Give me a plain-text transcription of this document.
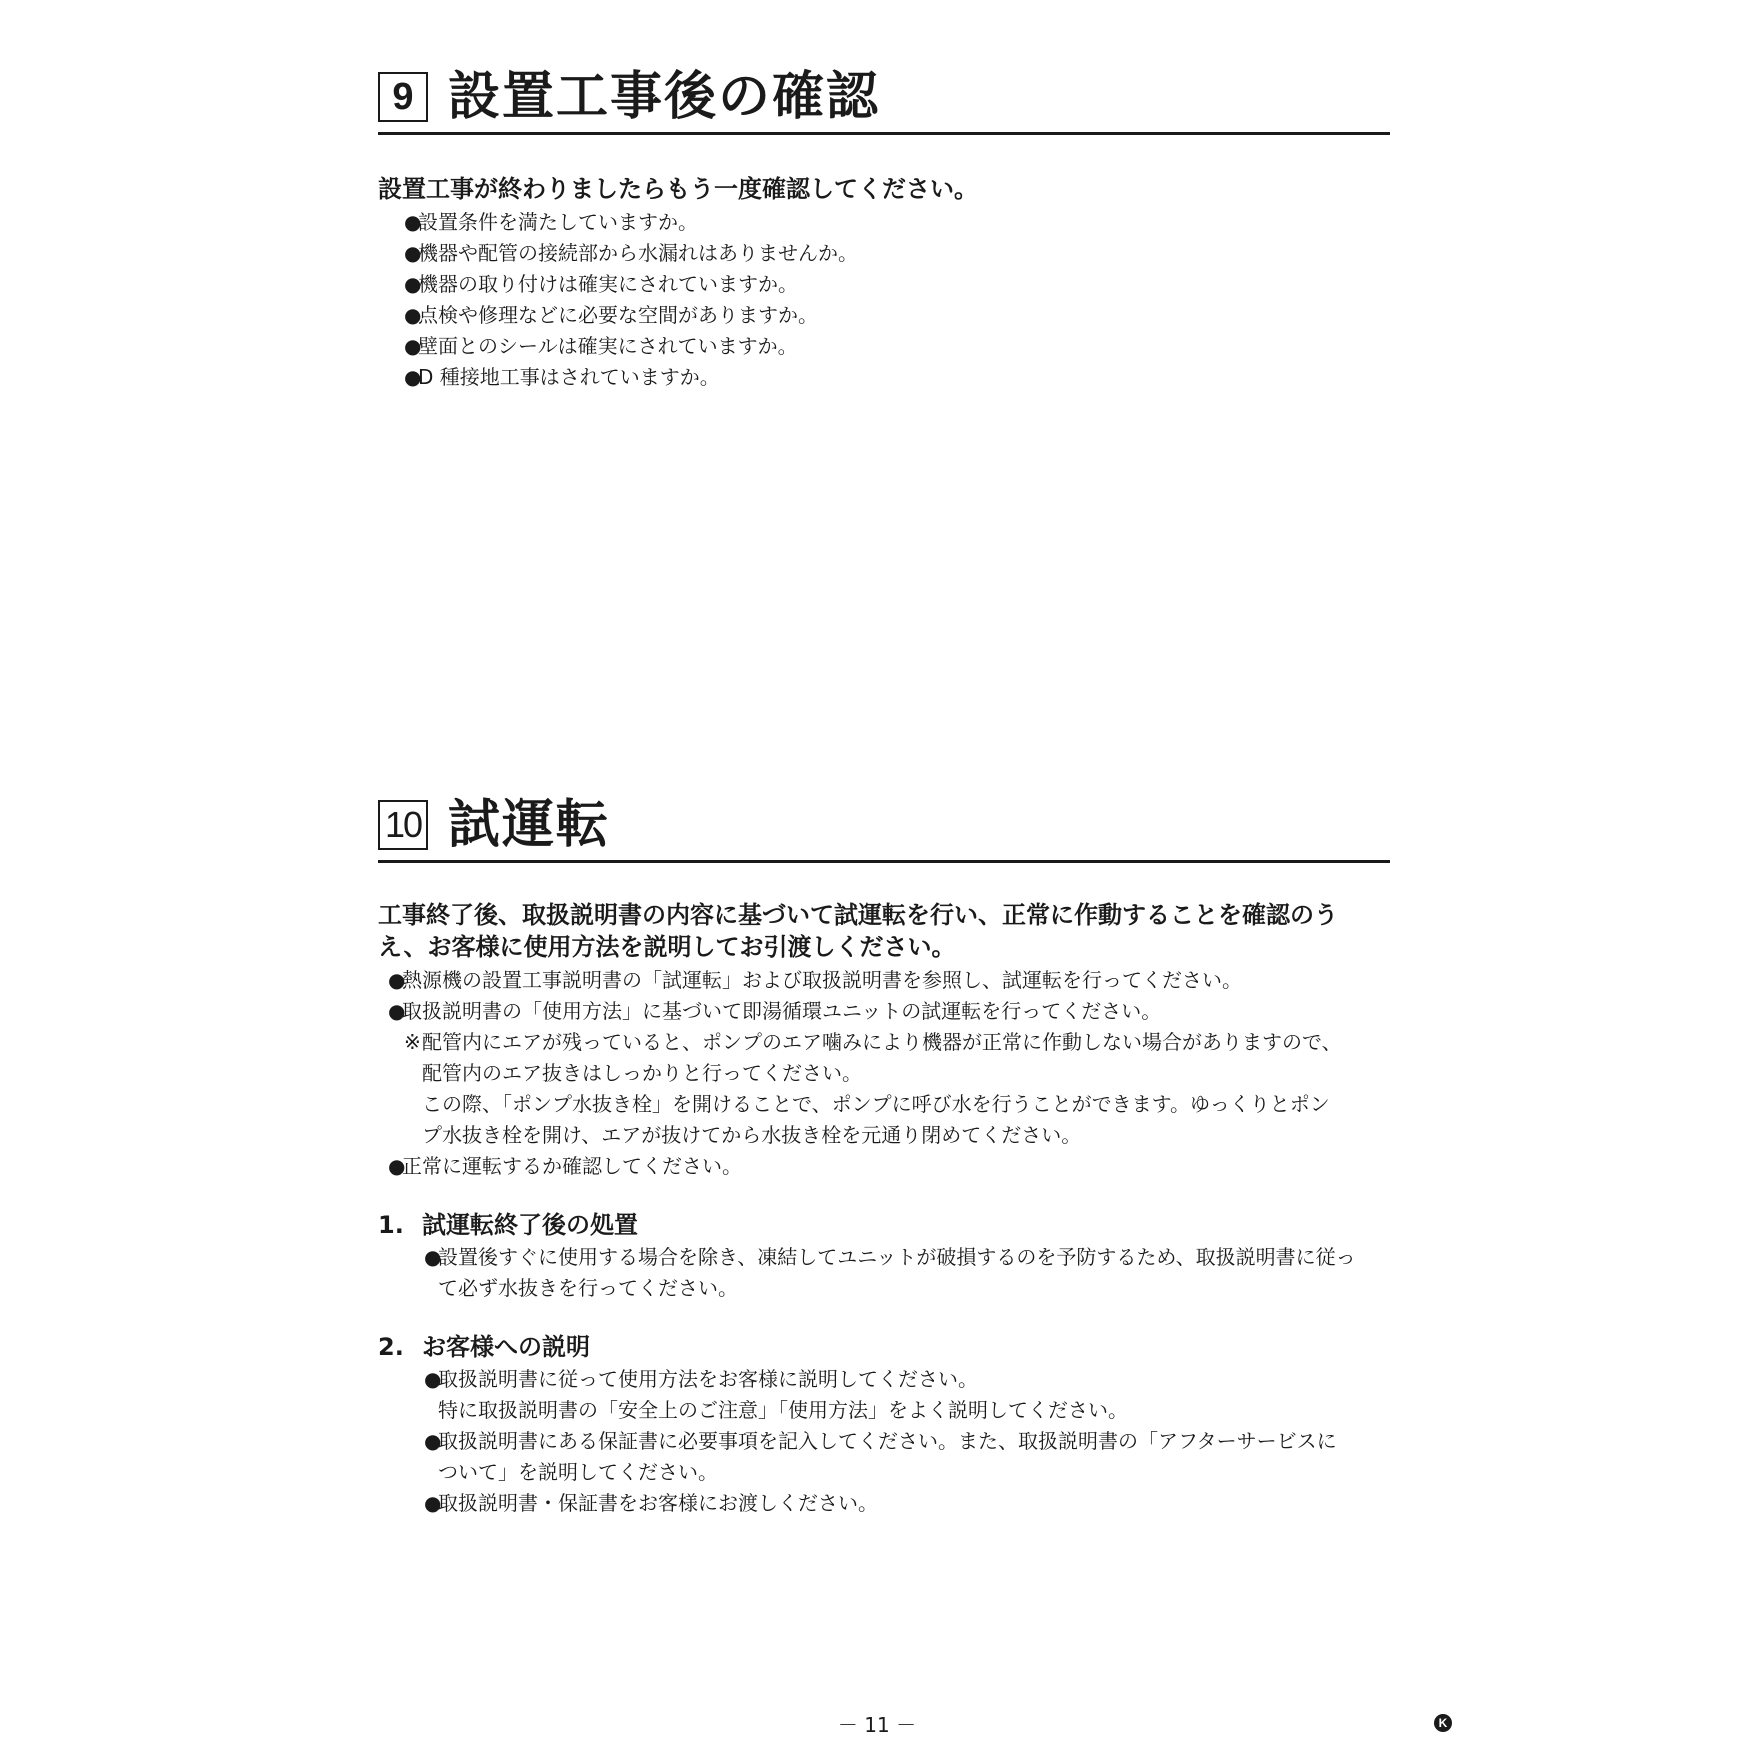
9 設置工事後の確認

設置工事が終わりましたらもう一度確認してください。

●
設置条件を満たしていますか。
●
機器や配管の接続部から水漏れはありませんか。
●
機器の取り付けは確実にされていますか。
●
点検や修理などに必要な空間がありますか。
●
壁面とのシールは確実にされていますか。
●
D 種接地工事はされていますか。
10 試運転

工事終了後、取扱説明書の内容に基づいて試運転を行い、正常に作動することを確認のう

え、お客様に使用方法を説明してお引渡しください。

●
熱源機の設置工事説明書の「試運転」および取扱説明書を参照し、試運転を行ってください。
●
取扱説明書の「使用方法」に基づいて即湯循環ユニットの試運転を行ってください。
※ 配管内にエアが残っていると、ポンプのエア噛みにより機器が正常に作動しない場合がありますので、
配管内のエア抜きはしっかりと行ってください。
この際、「ポンプ水抜き栓」を開けることで、ポンプに呼び水を行うことができます。ゆっくりとポン
プ水抜き栓を開け、エアが抜けてから水抜き栓を元通り閉めてください。
●
正常に運転するか確認してください。

1. 試運転終了後の処置

●
設置後すぐに使用する場合を除き、凍結してユニットが破損するのを予防するため、取扱説明書に従っ
て必ず水抜きを行ってください。

2. お客様への説明

●
取扱説明書に従って使用方法をお客様に説明してください。
特に取扱説明書の「安全上のご注意」「使用方法」をよく説明してください。
●
取扱説明書にある保証書に必要事項を記入してください。また、取扱説明書の「アフターサービスに
ついて」を説明してください。
●
取扱説明書・保証書をお客様にお渡しください。
－ 11 －	K
